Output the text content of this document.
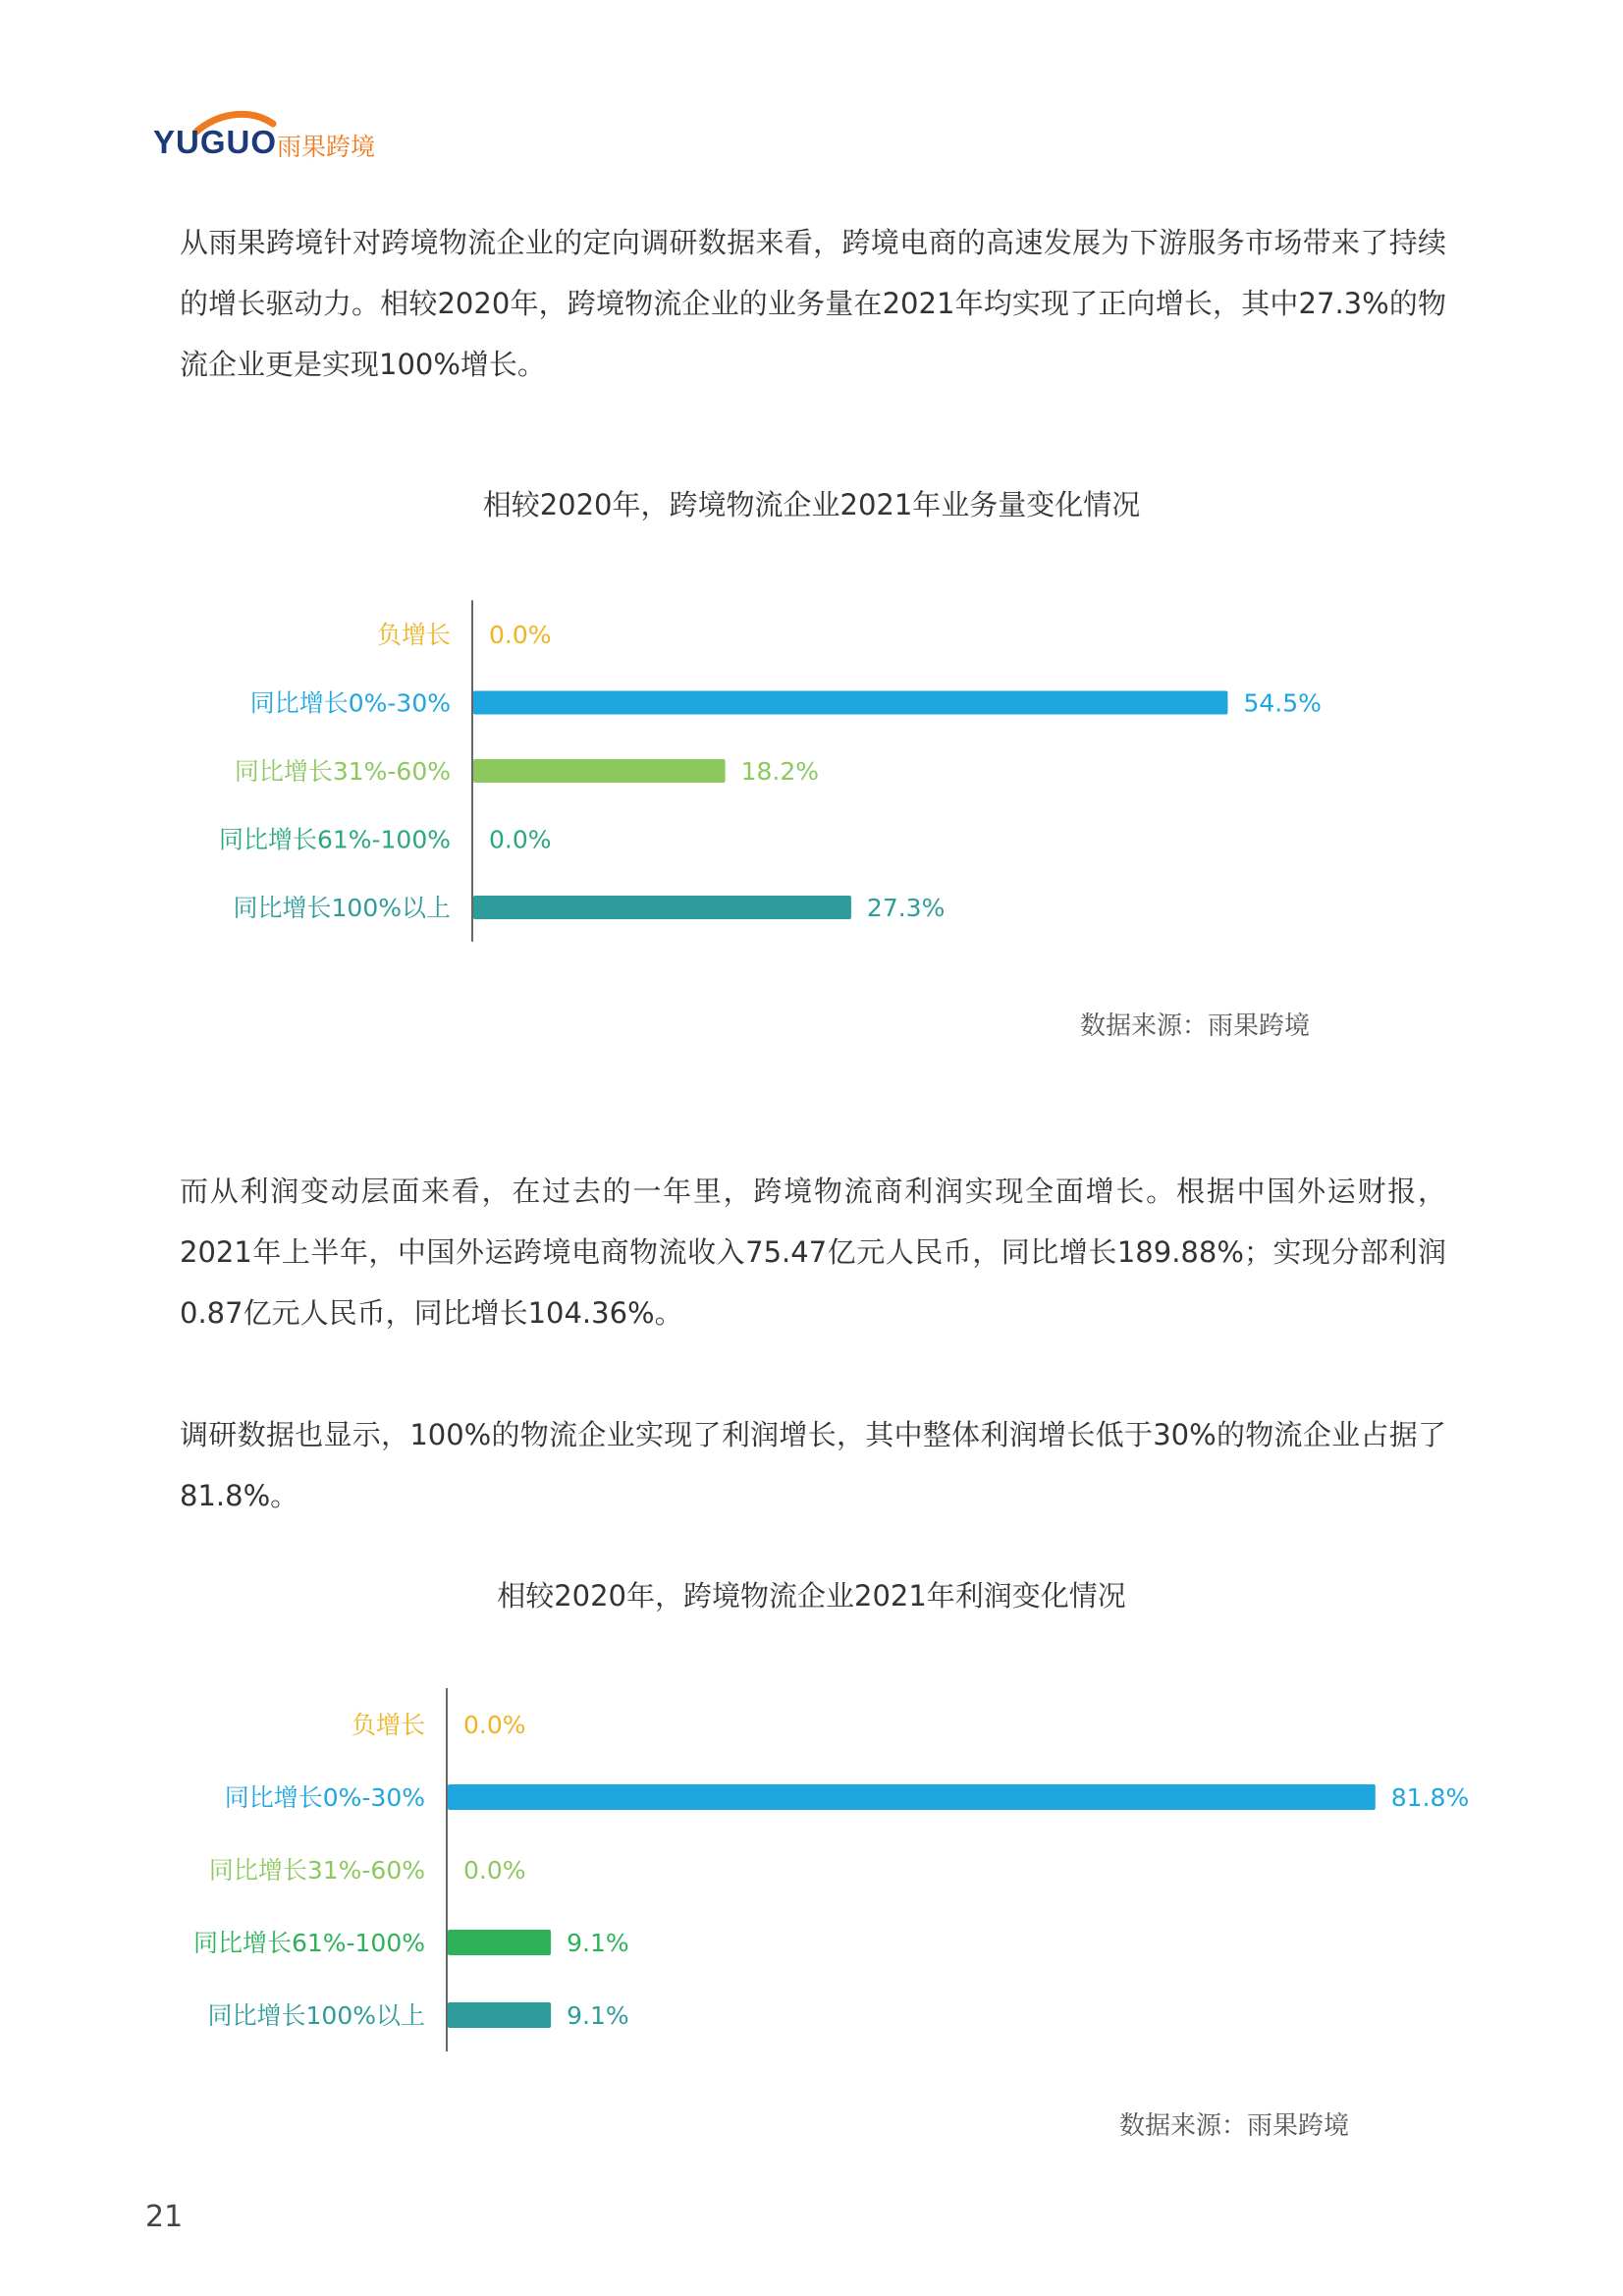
YUGUO 雨果跨境

从雨果跨境针对跨境物流企业的定向调研数据来看，跨境电商的高速发展为下游服务市场带来了持续的增长驱动力。相较2020年，跨境物流企业的业务量在2021年均实现了正向增长，其中27.3%的物流企业更是实现100%增长。

相较2020年，跨境物流企业2021年业务量变化情况
负增长 0.0%
同比增长0%-30%	54.5%
同比增长31%-60%	18.2%
同比增长61%-100% 0.0%
同比增长100%以上	27.3%
数据来源：雨果跨境

而从利润变动层面来看，在过去的一年里，跨境物流商利润实现全面增长。根据中国外运财报，2021年上半年，中国外运跨境电商物流收入75.47亿元人民币，同比增长189.88%；实现分部利润0.87亿元人民币，同比增长104.36%。

调研数据也显示，100%的物流企业实现了利润增长，其中整体利润增长低于30%的物流企业占据了81.8%。

相较2020年，跨境物流企业2021年利润变化情况
负增长 0.0%
同比增长0%-30%	81.8%
同比增长31%-60% 0.0%
同比增长61%-100%	9.1%
同比增长100%以上	9.1%
数据来源：雨果跨境
21
